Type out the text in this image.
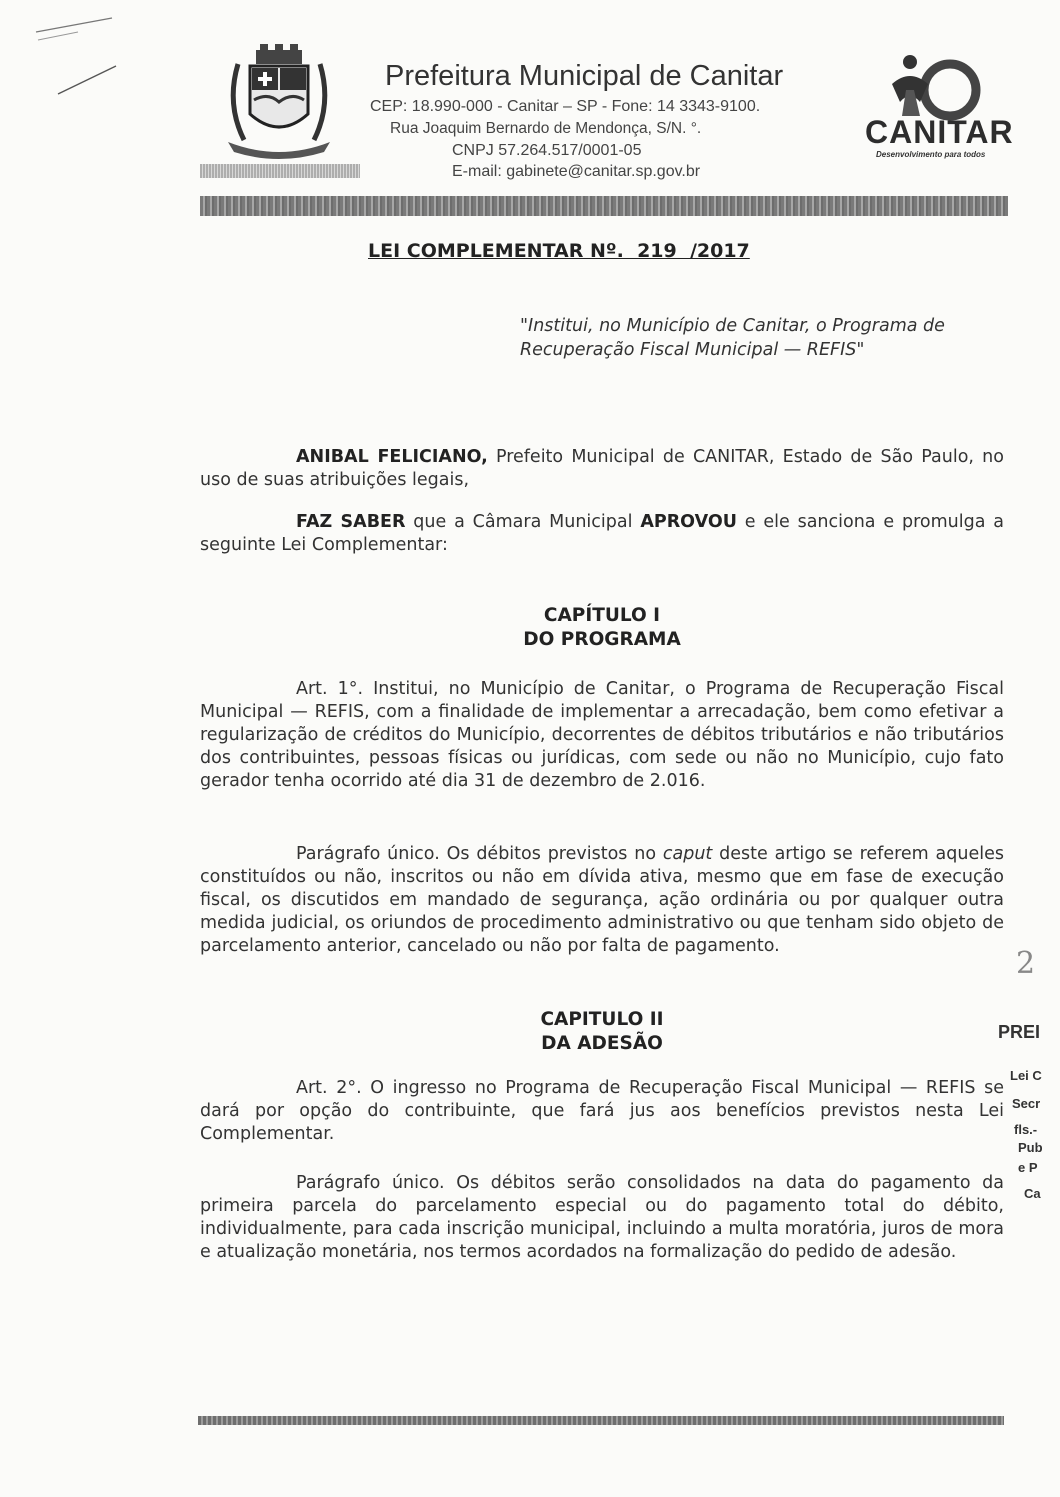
Prefeitura Municipal de Canitar
CEP: 18.990-000 - Canitar – SP - Fone: 14 3343-9100.
Rua Joaquim Bernardo de Mendonça, S/N. °.
CNPJ 57.264.517/0001-05
E-mail: gabinete@canitar.sp.gov.br
CANITAR
Desenvolvimento para todos
LEI COMPLEMENTAR Nº.  219  /2017
"Institui, no Município de Canitar, o Programa de Recuperação Fiscal Municipal — REFIS"
ANIBAL FELICIANO, Prefeito Municipal de CANITAR, Estado de São Paulo, no uso de suas atribuições legais,
FAZ SABER que a Câmara Municipal APROVOU e ele sanciona e promulga a seguinte Lei Complementar:
CAPÍTULO I
DO PROGRAMA
Art. 1°. Institui, no Município de Canitar, o Programa de Recuperação Fiscal Municipal — REFIS, com a finalidade de implementar a arrecadação, bem como efetivar a regularização de créditos do Município, decorrentes de débitos tributários e não tributários dos contribuintes, pessoas físicas ou jurídicas, com sede ou não no Município, cujo fato gerador tenha ocorrido até dia 31 de dezembro de 2.016.
Parágrafo único. Os débitos previstos no caput deste artigo se referem aqueles constituídos ou não, inscritos ou não em dívida ativa, mesmo que em fase de execução fiscal, os discutidos em mandado de segurança, ação ordinária ou por qualquer outra medida judicial, os oriundos de procedimento administrativo ou que tenham sido objeto de parcelamento anterior, cancelado ou não por falta de pagamento.
CAPITULO II
DA ADESÃO
Art. 2°. O ingresso no Programa de Recuperação Fiscal Municipal — REFIS se dará por opção do contribuinte, que fará jus aos benefícios previstos nesta Lei Complementar.
Parágrafo único. Os débitos serão consolidados na data do pagamento da primeira parcela do parcelamento especial ou do pagamento total do débito, individualmente, para cada inscrição municipal, incluindo a multa moratória, juros de mora e atualização monetária, nos termos acordados na formalização do pedido de adesão.
PREI
Lei C
Secr
fls.-
Pub
e P
Ca
2
